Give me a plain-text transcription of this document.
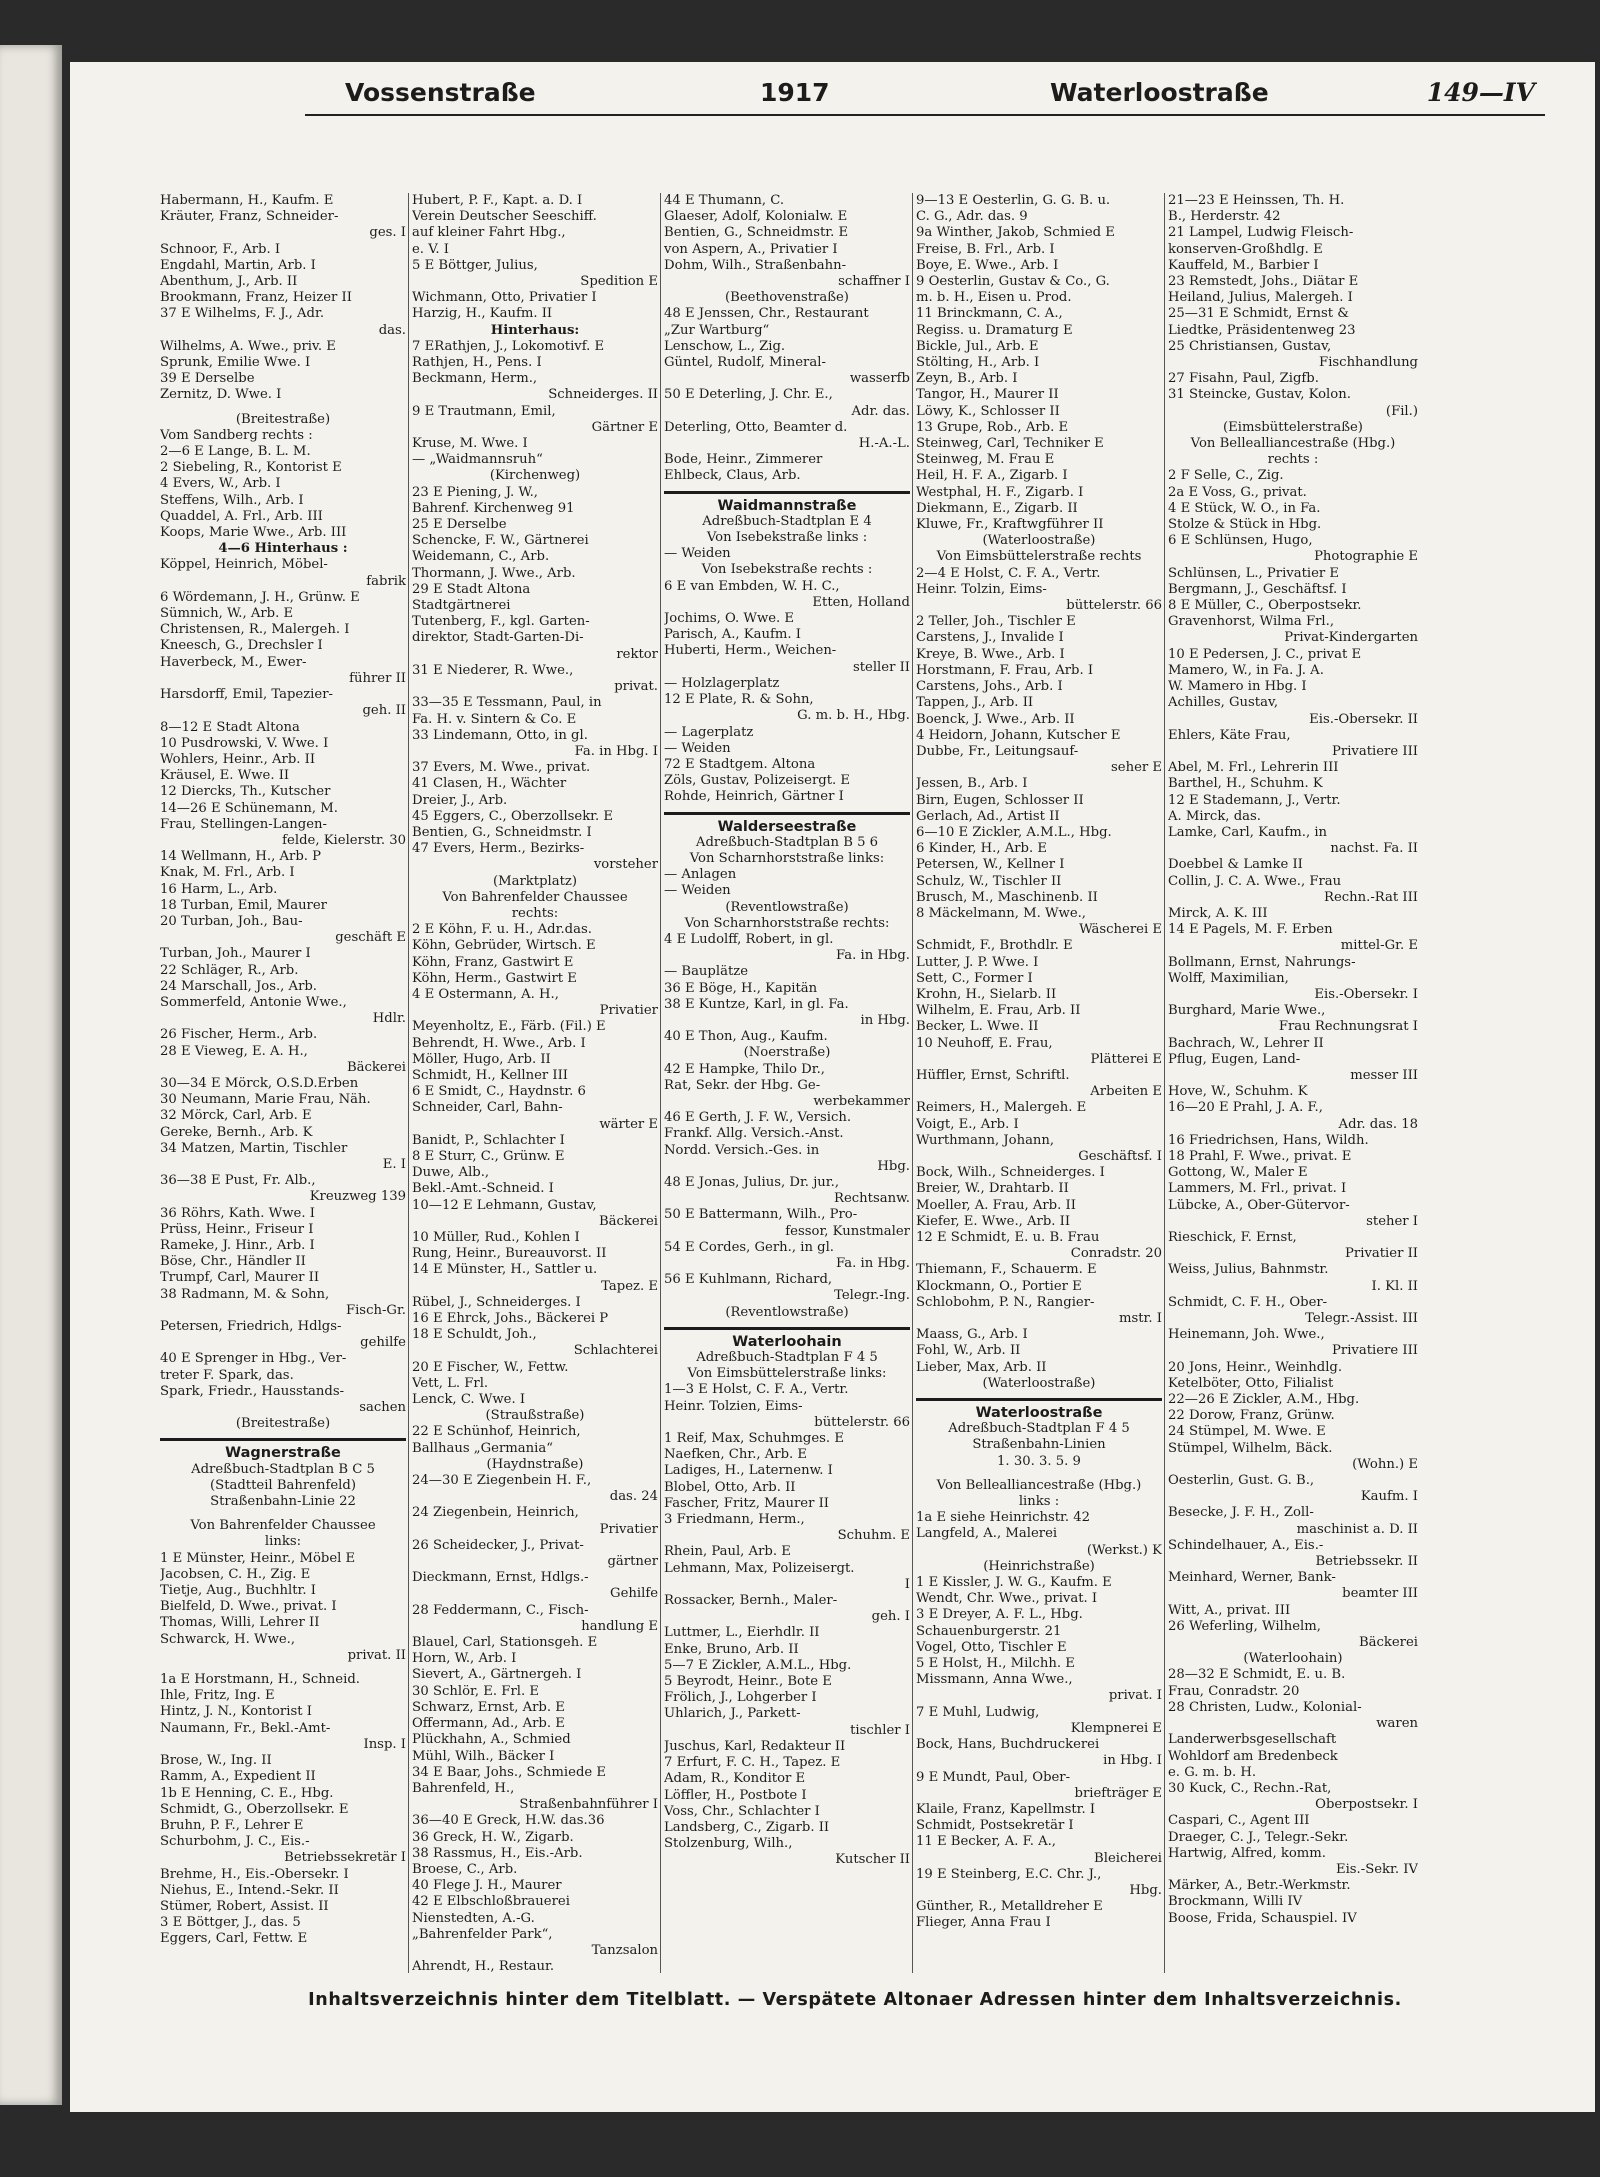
Vossenstraße	1917	Waterloostraße	149—IV
Habermann, H., Kaufm. E
Kräuter, Franz, Schneider-
ges. I
Schnoor, F., Arb. I
Engdahl, Martin, Arb. I
Abenthum, J., Arb. II
Brookmann, Franz, Heizer II
37 E Wilhelms, F. J., Adr.
das.
Wilhelms, A. Wwe., priv. E
Sprunk, Emilie Wwe. I
39 E Derselbe
Zernitz, D. Wwe. I
(Breitestraße)
Vom Sandberg rechts :
2—6 E Lange, B. L. M.
2 Siebeling, R., Kontorist E
4 Evers, W., Arb. I
Steffens, Wilh., Arb. I
Quaddel, A. Frl., Arb. III
Koops, Marie Wwe., Arb. III
4—6 Hinterhaus :
Köppel, Heinrich, Möbel-
fabrik
6 Wördemann, J. H., Grünw. E
Sümnich, W., Arb. E
Christensen, R., Malergeh. I
Kneesch, G., Drechsler I
Haverbeck, M., Ewer-
führer II
Harsdorff, Emil, Tapezier-
geh. II
8—12 E Stadt Altona
10 Pusdrowski, V. Wwe. I
Wohlers, Heinr., Arb. II
Kräusel, E. Wwe. II
12 Diercks, Th., Kutscher
14—26 E Schünemann, M.
Frau, Stellingen-Langen-
felde, Kielerstr. 30
14 Wellmann, H., Arb. P
Knak, M. Frl., Arb. I
16 Harm, L., Arb.
18 Turban, Emil, Maurer
20 Turban, Joh., Bau-
geschäft E
Turban, Joh., Maurer I
22 Schläger, R., Arb.
24 Marschall, Jos., Arb.
Sommerfeld, Antonie Wwe.,
Hdlr.
26 Fischer, Herm., Arb.
28 E Vieweg, E. A. H.,
Bäckerei
30—34 E Mörck, O.S.D.Erben
30 Neumann, Marie Frau, Näh.
32 Mörck, Carl, Arb. E
Gereke, Bernh., Arb. K
34 Matzen, Martin, Tischler
E. I
36—38 E Pust, Fr. Alb.,
Kreuzweg 139
36 Röhrs, Kath. Wwe. I
Prüss, Heinr., Friseur I
Rameke, J. Hinr., Arb. I
Böse, Chr., Händler II
Trumpf, Carl, Maurer II
38 Radmann, M. & Sohn,
Fisch-Gr.
Petersen, Friedrich, Hdlgs-
gehilfe
40 E Sprenger in Hbg., Ver-
treter F. Spark, das.
Spark, Friedr., Hausstands-
sachen
(Breitestraße)
Wagnerstraße
Adreßbuch-Stadtplan B C 5
(Stadtteil Bahrenfeld)
Straßenbahn-Linie 22
Von Bahrenfelder Chaussee
links:
1 E Münster, Heinr., Möbel E
Jacobsen, C. H., Zig. E
Tietje, Aug., Buchhltr. I
Bielfeld, D. Wwe., privat. I
Thomas, Willi, Lehrer II
Schwarck, H. Wwe.,
privat. II
1a E Horstmann, H., Schneid.
Ihle, Fritz, Ing. E
Hintz, J. N., Kontorist I
Naumann, Fr., Bekl.-Amt-
Insp. I
Brose, W., Ing. II
Ramm, A., Expedient II
1b E Henning, C. E., Hbg.
Schmidt, G., Oberzollsekr. E
Bruhn, P. F., Lehrer E
Schurbohm, J. C., Eis.-
Betriebssekretär I
Brehme, H., Eis.-Obersekr. I
Niehus, E., Intend.-Sekr. II
Stümer, Robert, Assist. II
3 E Böttger, J., das. 5
Eggers, Carl, Fettw. E
Hubert, P. F., Kapt. a. D. I
Verein Deutscher Seeschiff.
auf kleiner Fahrt Hbg.,
e. V. I
5 E Böttger, Julius,
Spedition E
Wichmann, Otto, Privatier I
Harzig, H., Kaufm. II
Hinterhaus:
7 ERathjen, J., Lokomotivf. E
Rathjen, H., Pens. I
Beckmann, Herm.,
Schneiderges. II
9 E Trautmann, Emil,
Gärtner E
Kruse, M. Wwe. I
— „Waidmannsruh“
(Kirchenweg)
23 E Piening, J. W.,
Bahrenf. Kirchenweg 91
25 E Derselbe
Schencke, F. W., Gärtnerei
Weidemann, C., Arb.
Thormann, J. Wwe., Arb.
29 E Stadt Altona
Stadtgärtnerei
Tutenberg, F., kgl. Garten-
direktor, Stadt-Garten-Di-
rektor
31 E Niederer, R. Wwe.,
privat.
33—35 E Tessmann, Paul, in
Fa. H. v. Sintern & Co. E
33 Lindemann, Otto, in gl.
Fa. in Hbg. I
37 Evers, M. Wwe., privat.
41 Clasen, H., Wächter
Dreier, J., Arb.
45 Eggers, C., Oberzollsekr. E
Bentien, G., Schneidmstr. I
47 Evers, Herm., Bezirks-
vorsteher
(Marktplatz)
Von Bahrenfelder Chaussee
rechts:
2 E Köhn, F. u. H., Adr.das.
Köhn, Gebrüder, Wirtsch. E
Köhn, Franz, Gastwirt E
Köhn, Herm., Gastwirt E
4 E Ostermann, A. H.,
Privatier
Meyenholtz, E., Färb. (Fil.) E
Behrendt, H. Wwe., Arb. I
Möller, Hugo, Arb. II
Schmidt, H., Kellner III
6 E Smidt, C., Haydnstr. 6
Schneider, Carl, Bahn-
wärter E
Banidt, P., Schlachter I
8 E Sturr, C., Grünw. E
Duwe, Alb.,
Bekl.-Amt.-Schneid. I
10—12 E Lehmann, Gustav,
Bäckerei
10 Müller, Rud., Kohlen I
Rung, Heinr., Bureauvorst. II
14 E Münster, H., Sattler u.
Tapez. E
Rübel, J., Schneiderges. I
16 E Ehrck, Johs., Bäckerei P
18 E Schuldt, Joh.,
Schlachterei
20 E Fischer, W., Fettw.
Vett, L. Frl.
Lenck, C. Wwe. I
(Straußstraße)
22 E Schünhof, Heinrich,
Ballhaus „Germania“
(Haydnstraße)
24—30 E Ziegenbein H. F.,
das. 24
24 Ziegenbein, Heinrich,
Privatier
26 Scheidecker, J., Privat-
gärtner
Dieckmann, Ernst, Hdlgs.-
Gehilfe
28 Feddermann, C., Fisch-
handlung E
Blauel, Carl, Stationsgeh. E
Horn, W., Arb. I
Sievert, A., Gärtnergeh. I
30 Schlör, E. Frl. E
Schwarz, Ernst, Arb. E
Offermann, Ad., Arb. E
Plückhahn, A., Schmied
Mühl, Wilh., Bäcker I
34 E Baar, Johs., Schmiede E
Bahrenfeld, H.,
Straßenbahnführer I
36—40 E Greck, H.W. das.36
36 Greck, H. W., Zigarb.
38 Rassmus, H., Eis.-Arb.
Broese, C., Arb.
40 Flege J. H., Maurer
42 E Elbschloßbrauerei
Nienstedten, A.-G.
„Bahrenfelder Park“,
Tanzsalon
Ahrendt, H., Restaur.
44 E Thumann, C.
Glaeser, Adolf, Kolonialw. E
Bentien, G., Schneidmstr. E
von Aspern, A., Privatier I
Dohm, Wilh., Straßenbahn-
schaffner I
(Beethovenstraße)
48 E Jenssen, Chr., Restaurant
„Zur Wartburg“
Lenschow, L., Zig.
Güntel, Rudolf, Mineral-
wasserfb
50 E Deterling, J. Chr. E.,
Adr. das.
Deterling, Otto, Beamter d.
H.-A.-L.
Bode, Heinr., Zimmerer
Ehlbeck, Claus, Arb.
Waidmannstraße
Adreßbuch-Stadtplan E 4
Von Isebekstraße links :
— Weiden
Von Isebekstraße rechts :
6 E van Embden, W. H. C.,
Etten, Holland
Jochims, O. Wwe. E
Parisch, A., Kaufm. I
Huberti, Herm., Weichen-
steller II
— Holzlagerplatz
12 E Plate, R. & Sohn,
G. m. b. H., Hbg.
— Lagerplatz
— Weiden
72 E Stadtgem. Altona
Zöls, Gustav, Polizeisergt. E
Rohde, Heinrich, Gärtner I
Walderseestraße
Adreßbuch-Stadtplan B 5 6
Von Scharnhorststraße links:
— Anlagen
— Weiden
(Reventlowstraße)
Von Scharnhorststraße rechts:
4 E Ludolff, Robert, in gl.
Fa. in Hbg.
— Bauplätze
36 E Böge, H., Kapitän
38 E Kuntze, Karl, in gl. Fa.
in Hbg.
40 E Thon, Aug., Kaufm.
(Noerstraße)
42 E Hampke, Thilo Dr.,
Rat, Sekr. der Hbg. Ge-
werbekammer
46 E Gerth, J. F. W., Versich.
Frankf. Allg. Versich.-Anst.
Nordd. Versich.-Ges. in
Hbg.
48 E Jonas, Julius, Dr. jur.,
Rechtsanw.
50 E Battermann, Wilh., Pro-
fessor, Kunstmaler
54 E Cordes, Gerh., in gl.
Fa. in Hbg.
56 E Kuhlmann, Richard,
Telegr.-Ing.
(Reventlowstraße)
Waterloohain
Adreßbuch-Stadtplan F 4 5
Von Eimsbüttelerstraße links:
1—3 E Holst, C. F. A., Vertr.
Heinr. Tolzien, Eims-
büttelerstr. 66
1 Reif, Max, Schuhmges. E
Naefken, Chr., Arb. E
Ladiges, H., Laternenw. I
Blobel, Otto, Arb. II
Fascher, Fritz, Maurer II
3 Friedmann, Herm.,
Schuhm. E
Rhein, Paul, Arb. E
Lehmann, Max, Polizeisergt.
I
Rossacker, Bernh., Maler-
geh. I
Luttmer, L., Eierhdlr. II
Enke, Bruno, Arb. II
5—7 E Zickler, A.M.L., Hbg.
5 Beyrodt, Heinr., Bote E
Frölich, J., Lohgerber I
Uhlarich, J., Parkett-
tischler I
Juschus, Karl, Redakteur II
7 Erfurt, F. C. H., Tapez. E
Adam, R., Konditor E
Löffler, H., Postbote I
Voss, Chr., Schlachter I
Landsberg, C., Zigarb. II
Stolzenburg, Wilh.,
Kutscher II
9—13 E Oesterlin, G. G. B. u.
C. G., Adr. das. 9
9a Winther, Jakob, Schmied E
Freise, B. Frl., Arb. I
Boye, E. Wwe., Arb. I
9 Oesterlin, Gustav & Co., G.
m. b. H., Eisen u. Prod.
11 Brinckmann, C. A.,
Regiss. u. Dramaturg E
Bickle, Jul., Arb. E
Stölting, H., Arb. I
Zeyn, B., Arb. I
Tangor, H., Maurer II
Löwy, K., Schlosser II
13 Grupe, Rob., Arb. E
Steinweg, Carl, Techniker E
Steinweg, M. Frau E
Heil, H. F. A., Zigarb. I
Westphal, H. F., Zigarb. I
Diekmann, E., Zigarb. II
Kluwe, Fr., Kraftwgführer II
(Waterloostraße)
Von Eimsbüttelerstraße rechts
2—4 E Holst, C. F. A., Vertr.
Heinr. Tolzin, Eims-
büttelerstr. 66
2 Teller, Joh., Tischler E
Carstens, J., Invalide I
Kreye, B. Wwe., Arb. I
Horstmann, F. Frau, Arb. I
Carstens, Johs., Arb. I
Tappen, J., Arb. II
Boenck, J. Wwe., Arb. II
4 Heidorn, Johann, Kutscher E
Dubbe, Fr., Leitungsauf-
seher E
Jessen, B., Arb. I
Birn, Eugen, Schlosser II
Gerlach, Ad., Artist II
6—10 E Zickler, A.M.L., Hbg.
6 Kinder, H., Arb. E
Petersen, W., Kellner I
Schulz, W., Tischler II
Brusch, M., Maschinenb. II
8 Mäckelmann, M. Wwe.,
Wäscherei E
Schmidt, F., Brothdlr. E
Lutter, J. P. Wwe. I
Sett, C., Former I
Krohn, H., Sielarb. II
Wilhelm, E. Frau, Arb. II
Becker, L. Wwe. II
10 Neuhoff, E. Frau,
Plätterei E
Hüffler, Ernst, Schriftl.
Arbeiten E
Reimers, H., Malergeh. E
Voigt, E., Arb. I
Wurthmann, Johann,
Geschäftsf. I
Bock, Wilh., Schneiderges. I
Breier, W., Drahtarb. II
Moeller, A. Frau, Arb. II
Kiefer, E. Wwe., Arb. II
12 E Schmidt, E. u. B. Frau
Conradstr. 20
Thiemann, F., Schauerm. E
Klockmann, O., Portier E
Schlobohm, P. N., Rangier-
mstr. I
Maass, G., Arb. I
Fohl, W., Arb. II
Lieber, Max, Arb. II
(Waterloostraße)
Waterloostraße
Adreßbuch-Stadtplan F 4 5
Straßenbahn-Linien
1. 30. 3. 5. 9
Von Bellealliancestraße (Hbg.)
links :
1a E siehe Heinrichstr. 42
Langfeld, A., Malerei
(Werkst.) K
(Heinrichstraße)
1 E Kissler, J. W. G., Kaufm. E
Wendt, Chr. Wwe., privat. I
3 E Dreyer, A. F. L., Hbg.
Schauenburgerstr. 21
Vogel, Otto, Tischler E
5 E Holst, H., Milchh. E
Missmann, Anna Wwe.,
privat. I
7 E Muhl, Ludwig,
Klempnerei E
Bock, Hans, Buchdruckerei
in Hbg. I
9 E Mundt, Paul, Ober-
briefträger E
Klaile, Franz, Kapellmstr. I
Schmidt, Postsekretär I
11 E Becker, A. F. A.,
Bleicherei
19 E Steinberg, E.C. Chr. J.,
Hbg.
Günther, R., Metalldreher E
Flieger, Anna Frau I
21—23 E Heinssen, Th. H.
B., Herderstr. 42
21 Lampel, Ludwig Fleisch-
konserven-Großhdlg. E
Kauffeld, M., Barbier I
23 Remstedt, Johs., Diätar E
Heiland, Julius, Malergeh. I
25—31 E Schmidt, Ernst &
Liedtke, Präsidentenweg 23
25 Christiansen, Gustav,
Fischhandlung
27 Fisahn, Paul, Zigfb.
31 Steincke, Gustav, Kolon.
(Fil.)
(Eimsbüttelerstraße)
Von Bellealliancestraße (Hbg.)
rechts :
2 F Selle, C., Zig.
2a E Voss, G., privat.
4 E Stück, W. O., in Fa.
Stolze & Stück in Hbg.
6 E Schlünsen, Hugo,
Photographie E
Schlünsen, L., Privatier E
Bergmann, J., Geschäftsf. I
8 E Müller, C., Oberpostsekr.
Gravenhorst, Wilma Frl.,
Privat-Kindergarten
10 E Pedersen, J. C., privat E
Mamero, W., in Fa. J. A.
W. Mamero in Hbg. I
Achilles, Gustav,
Eis.-Obersekr. II
Ehlers, Käte Frau,
Privatiere III
Abel, M. Frl., Lehrerin III
Barthel, H., Schuhm. K
12 E Stademann, J., Vertr.
A. Mirck, das.
Lamke, Carl, Kaufm., in
nachst. Fa. II
Doebbel & Lamke II
Collin, J. C. A. Wwe., Frau
Rechn.-Rat III
Mirck, A. K. III
14 E Pagels, M. F. Erben
mittel-Gr. E
Bollmann, Ernst, Nahrungs-
Wolff, Maximilian,
Eis.-Obersekr. I
Burghard, Marie Wwe.,
Frau Rechnungsrat I
Bachrach, W., Lehrer II
Pflug, Eugen, Land-
messer III
Hove, W., Schuhm. K
16—20 E Prahl, J. A. F.,
Adr. das. 18
16 Friedrichsen, Hans, Wildh.
18 Prahl, F. Wwe., privat. E
Gottong, W., Maler E
Lammers, M. Frl., privat. I
Lübcke, A., Ober-Gütervor-
steher I
Rieschick, F. Ernst,
Privatier II
Weiss, Julius, Bahnmstr.
I. Kl. II
Schmidt, C. F. H., Ober-
Telegr.-Assist. III
Heinemann, Joh. Wwe.,
Privatiere III
20 Jons, Heinr., Weinhdlg.
Ketelböter, Otto, Filialist
22—26 E Zickler, A.M., Hbg.
22 Dorow, Franz, Grünw.
24 Stümpel, M. Wwe. E
Stümpel, Wilhelm, Bäck.
(Wohn.) E
Oesterlin, Gust. G. B.,
Kaufm. I
Besecke, J. F. H., Zoll-
maschinist a. D. II
Schindelhauer, A., Eis.-
Betriebssekr. II
Meinhard, Werner, Bank-
beamter III
Witt, A., privat. III
26 Weferling, Wilhelm,
Bäckerei
(Waterloohain)
28—32 E Schmidt, E. u. B.
Frau, Conradstr. 20
28 Christen, Ludw., Kolonial-
waren
Landerwerbsgesellschaft
Wohldorf am Bredenbeck
e. G. m. b. H.
30 Kuck, C., Rechn.-Rat,
Oberpostsekr. I
Caspari, C., Agent III
Draeger, C. J., Telegr.-Sekr.
Hartwig, Alfred, komm.
Eis.-Sekr. IV
Märker, A., Betr.-Werkmstr.
Brockmann, Willi IV
Boose, Frida, Schauspiel. IV
Inhaltsverzeichnis hinter dem Titelblatt. — Verspätete Altonaer Adressen hinter dem Inhaltsverzeichnis.
